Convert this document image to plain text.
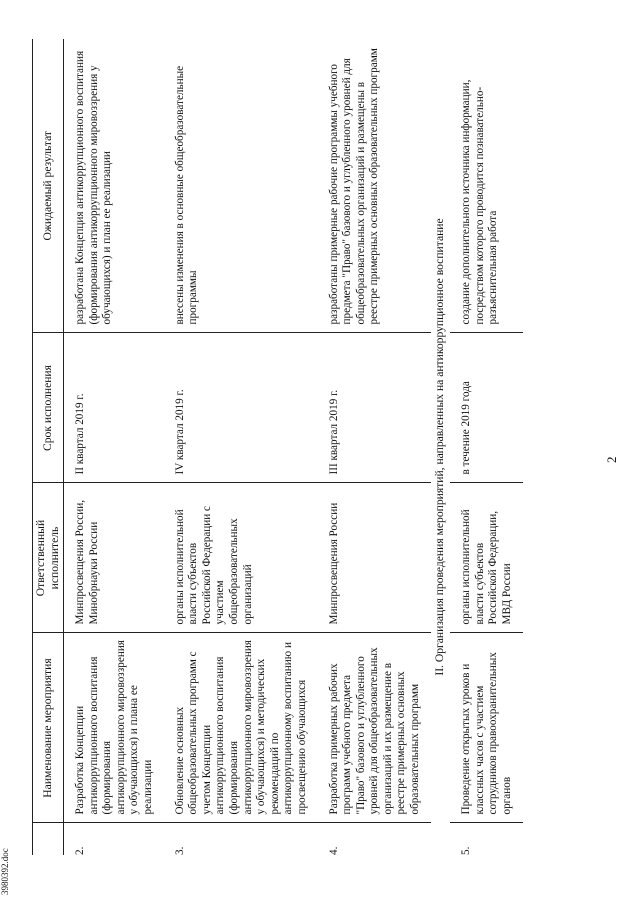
2
3980392.doc
	Наименование мероприятия	Ответственный исполнитель	Срок исполнения	Ожидаемый результат
2.	Разработка Концепции антикоррупционного воспитания (формирования антикоррупционного мировоззрения у обучающихся) и плана ее реализации	Минпросвещения России, Минобрнауки России	II квартал 2019 г.	разработана Концепция антикоррупционного воспитания (формирования антикоррупционного мировоззрения у обучающихся) и план ее реализации
3.	Обновление основных общеобразовательных программ с учетом Концепции антикоррупционного воспитания (формирования антикоррупционного мировоззрения у обучающихся) и методических рекомендаций по антикоррупционному воспитанию и просвещению обучающихся	органы исполнительной власти субъектов Российской Федерации с участием общеобразовательных организаций	IV квартал 2019 г.	внесены изменения в основные общеобразовательные программы
4.	Разработка примерных рабочих программ учебного предмета "Право" базового и углубленного уровней для общеобразовательных организаций и их размещение в реестре примерных основных образовательных программ	Минпросвещения России	III квартал 2019 г.	разработаны примерные рабочие программы учебного предмета "Право" базового и углубленного уровней для общеобразовательных организаций и размещены в реестре примерных основных образовательных программ
II. Организация проведения мероприятий, направленных на антикоррупционное воспитание				
5.	Проведение открытых уроков и классных часов с участием сотрудников правоохранительных органов	органы исполнительной власти субъектов Российской Федерации, МВД России	в течение 2019 года	создание дополнительного источника информации, посредством которого проводится познавательно-разъяснительная работа
